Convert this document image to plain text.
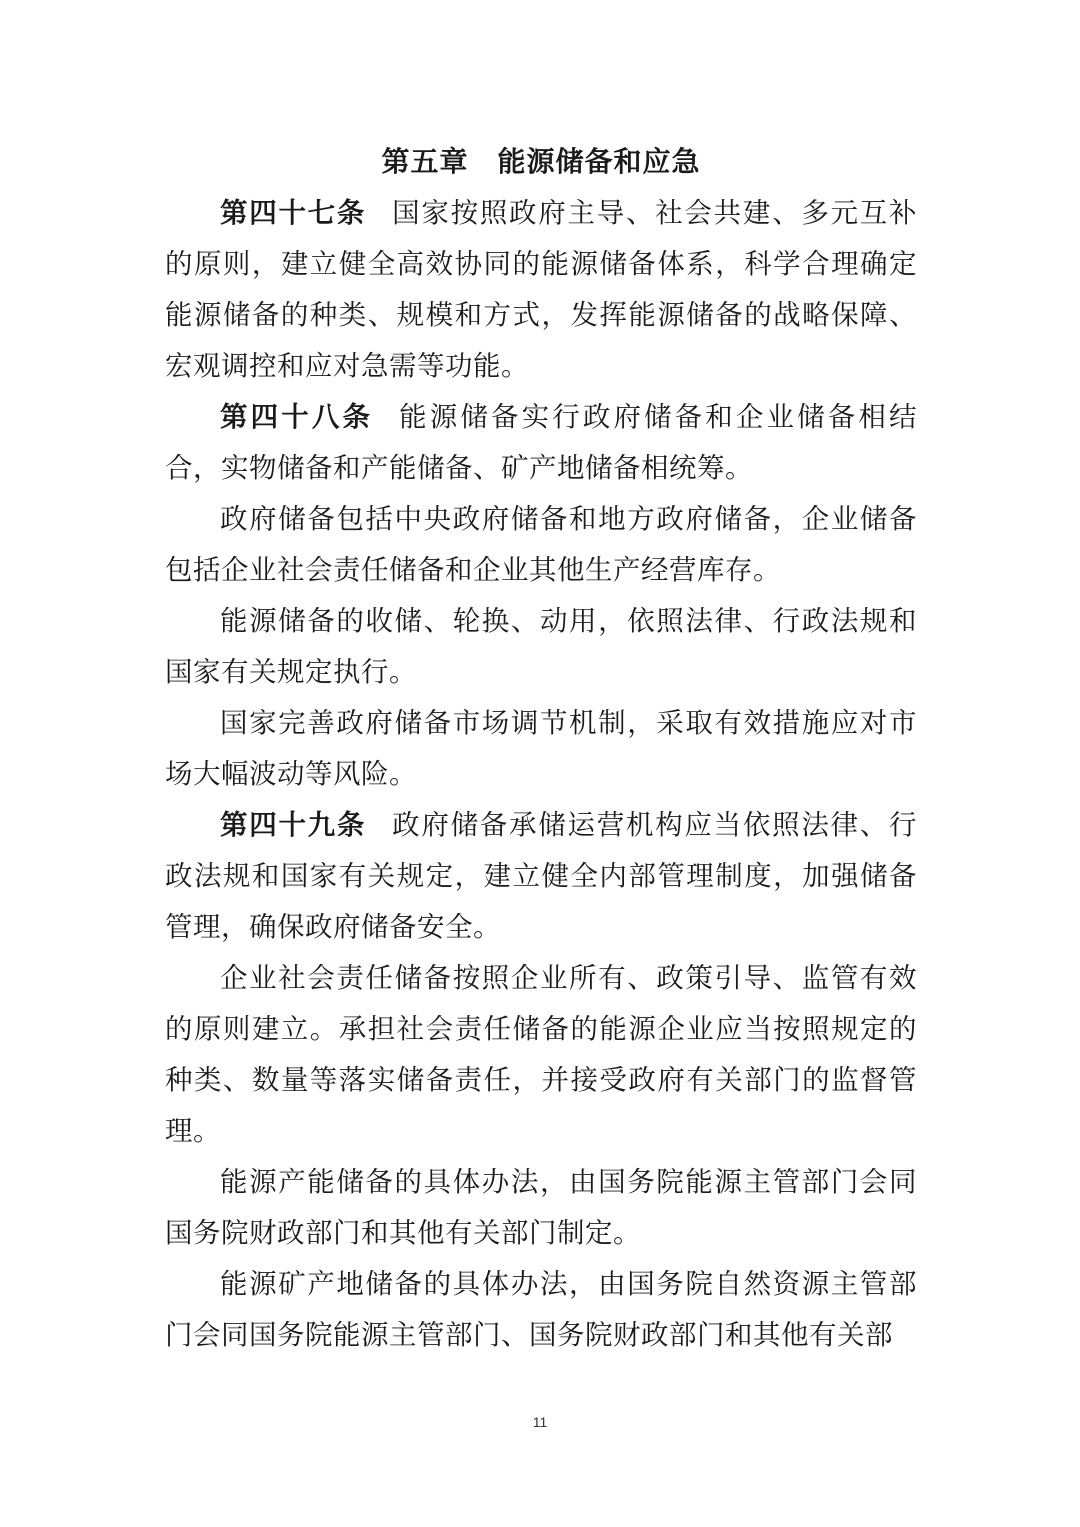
第五章　能源储备和应急

第四十七条 国家按照政府主导、社会共建、多元互补的原则，建立健全高效协同的能源储备体系，科学合理确定能源储备的种类、规模和方式，发挥能源储备的战略保障、宏观调控和应对急需等功能。

第四十八条 能源储备实行政府储备和企业储备相结合，实物储备和产能储备、矿产地储备相统筹。

政府储备包括中央政府储备和地方政府储备，企业储备包括企业社会责任储备和企业其他生产经营库存。

能源储备的收储、轮换、动用，依照法律、行政法规和国家有关规定执行。

国家完善政府储备市场调节机制，采取有效措施应对市场大幅波动等风险。

第四十九条 政府储备承储运营机构应当依照法律、行政法规和国家有关规定，建立健全内部管理制度，加强储备管理，确保政府储备安全。

企业社会责任储备按照企业所有、政策引导、监管有效的原则建立。承担社会责任储备的能源企业应当按照规定的种类、数量等落实储备责任，并接受政府有关部门的监督管理。

能源产能储备的具体办法，由国务院能源主管部门会同国务院财政部门和其他有关部门制定。

能源矿产地储备的具体办法，由国务院自然资源主管部门会同国务院能源主管部门、国务院财政部门和其他有关部

11
